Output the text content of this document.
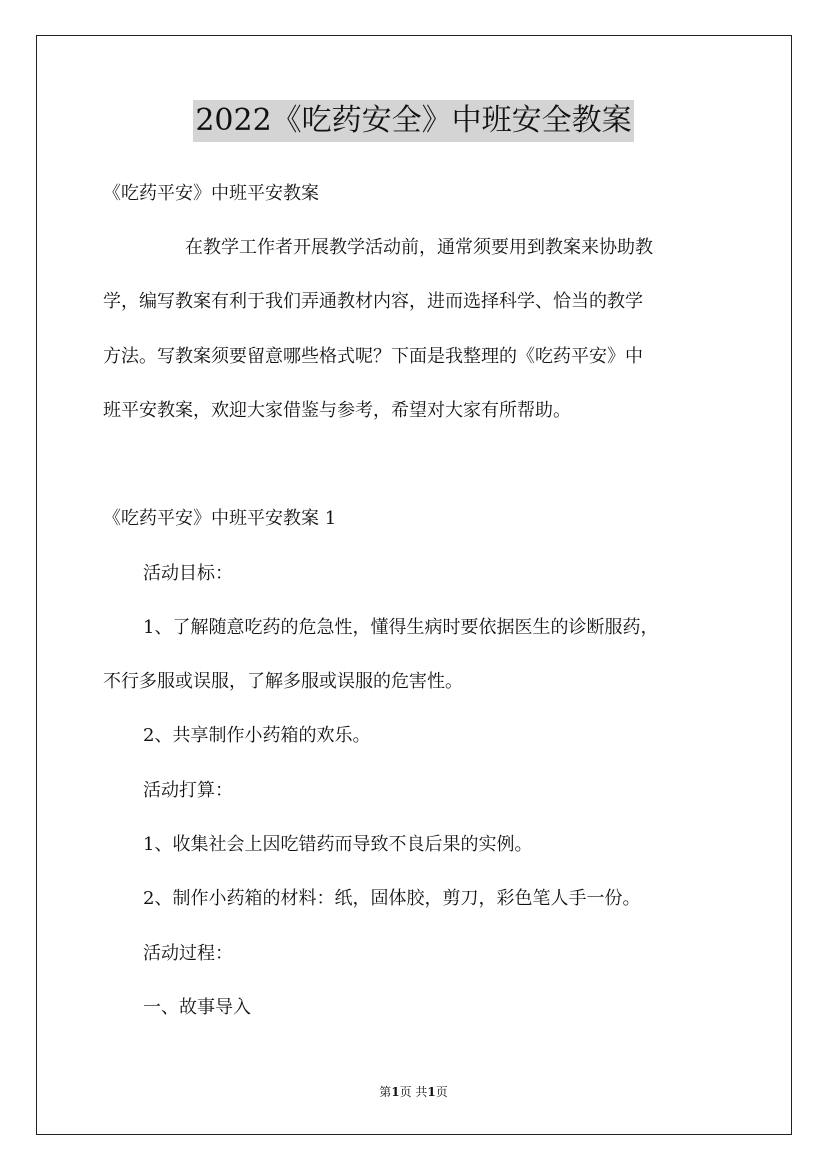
2022《吃药安全》中班安全教案
《吃药平安》中班平安教案
在教学工作者开展教学活动前，通常须要用到教案来协助教
学，编写教案有利于我们弄通教材内容，进而选择科学、恰当的教学
方法。写教案须要留意哪些格式呢？下面是我整理的《吃药平安》中
班平安教案，欢迎大家借鉴与参考，希望对大家有所帮助。
《吃药平安》中班平安教案 1
活动目标：
1、了解随意吃药的危急性，懂得生病时要依据医生的诊断服药，
不行多服或误服，了解多服或误服的危害性。
2、共享制作小药箱的欢乐。
活动打算：
1、收集社会上因吃错药而导致不良后果的实例。
2、制作小药箱的材料：纸，固体胶，剪刀，彩色笔人手一份。
活动过程：
一、故事导入
第1页 共1页
